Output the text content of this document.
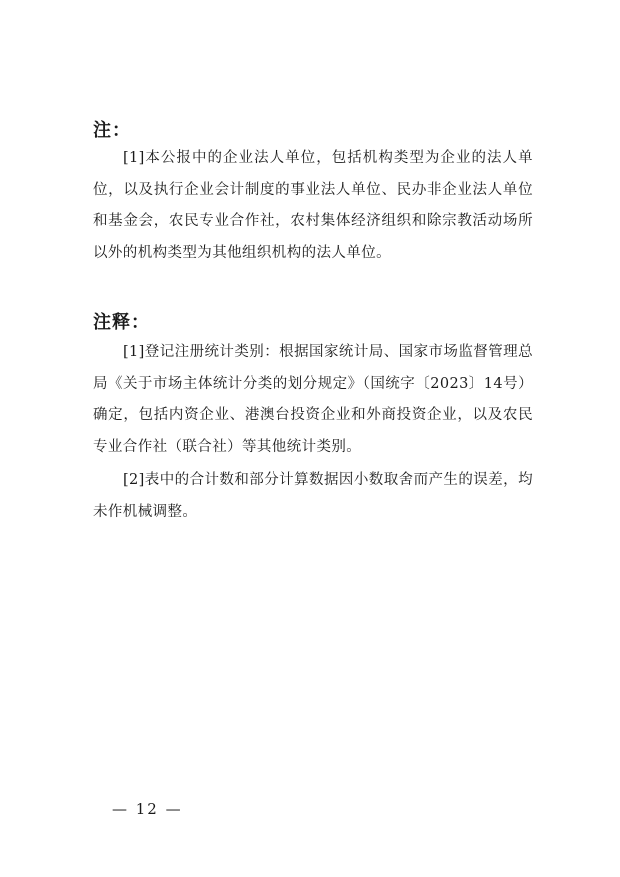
注：

[1]本公报中的企业法人单位，包括机构类型为企业的法人单位，以及执行企业会计制度的事业法人单位、民办非企业法人单位和基金会，农民专业合作社，农村集体经济组织和除宗教活动场所以外的机构类型为其他组织机构的法人单位。

注释：

[1]登记注册统计类别：根据国家统计局、国家市场监督管理总局《关于市场主体统计分类的划分规定》（国统字〔2023〕14号）确定，包括内资企业、港澳台投资企业和外商投资企业，以及农民专业合作社（联合社）等其他统计类别。

[2]表中的合计数和部分计算数据因小数取舍而产生的误差，均未作机械调整。

— 12 —
